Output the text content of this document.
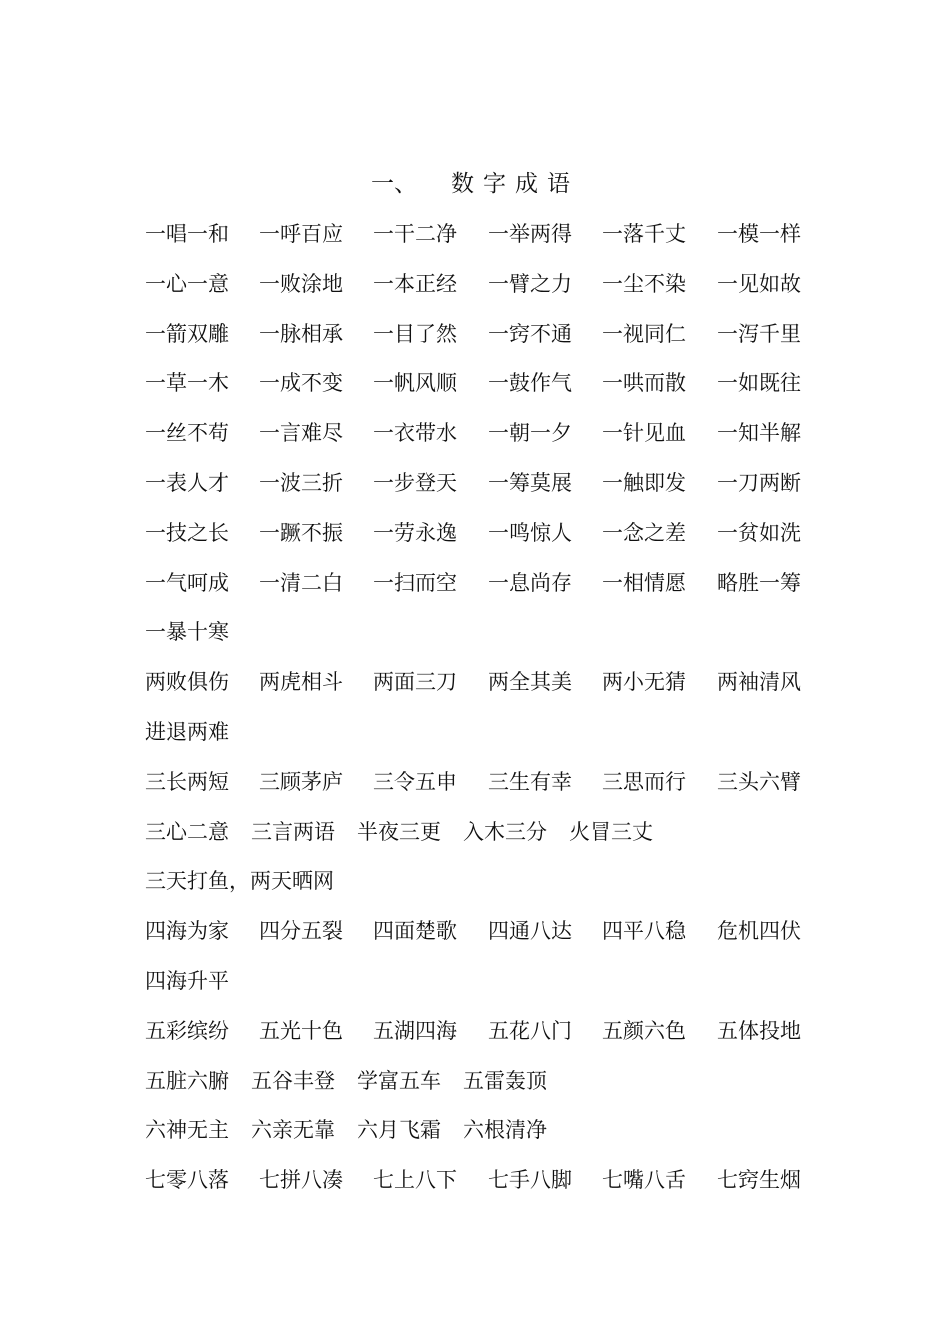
一、 数字成语
一唱一和 一呼百应 一干二净 一举两得 一落千丈 一模一样
一心一意 一败涂地 一本正经 一臂之力 一尘不染 一见如故
一箭双雕 一脉相承 一目了然 一窍不通 一视同仁 一泻千里
一草一木 一成不变 一帆风顺 一鼓作气 一哄而散 一如既往
一丝不苟 一言难尽 一衣带水 一朝一夕 一针见血 一知半解
一表人才 一波三折 一步登天 一筹莫展 一触即发 一刀两断
一技之长 一蹶不振 一劳永逸 一鸣惊人 一念之差 一贫如洗
一气呵成 一清二白 一扫而空 一息尚存 一相情愿 略胜一筹
一暴十寒
两败俱伤 两虎相斗 两面三刀 两全其美 两小无猜 两袖清风
进退两难
三长两短 三顾茅庐 三令五申 三生有幸 三思而行 三头六臂
三心二意 三言两语 半夜三更 入木三分 火冒三丈
三天打鱼，两天晒网
四海为家 四分五裂 四面楚歌 四通八达 四平八稳 危机四伏
四海升平
五彩缤纷 五光十色 五湖四海 五花八门 五颜六色 五体投地
五脏六腑 五谷丰登 学富五车 五雷轰顶
六神无主 六亲无靠 六月飞霜 六根清净
七零八落 七拼八凑 七上八下 七手八脚 七嘴八舌 七窍生烟
